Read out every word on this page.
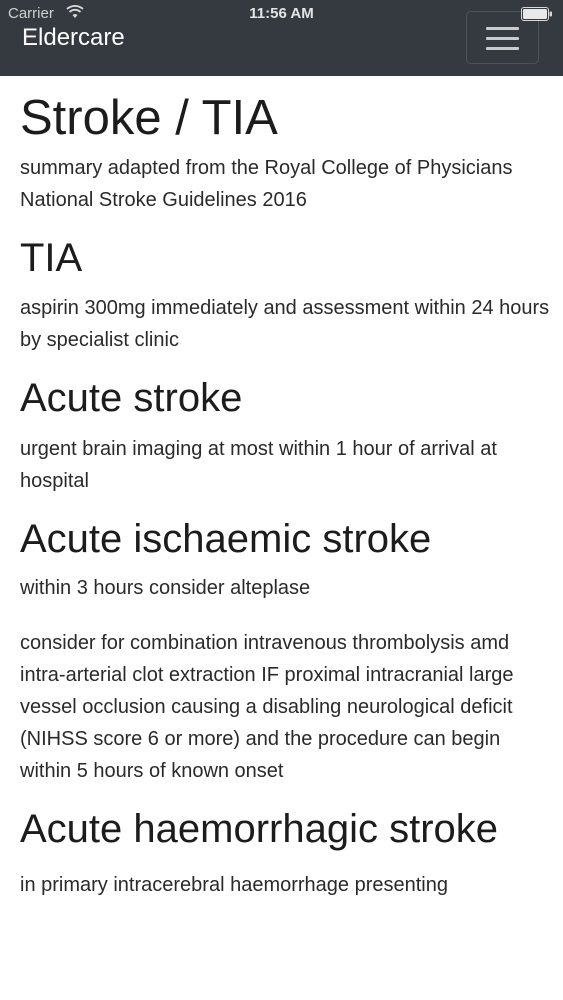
Eldercare
Carrier	11:56 AM
Stroke / TIA

summary adapted from the Royal College of Physicians National Stroke Guidelines 2016

TIA

aspirin 300mg immediately and assessment within 24 hours by specialist clinic

Acute stroke

urgent brain imaging at most within 1 hour of arrival at hospital

Acute ischaemic stroke

within 3 hours consider alteplase

consider for combination intravenous thrombolysis amd intra-arterial clot extraction IF proximal intracranial large vessel occlusion causing a disabling neurological deficit (NIHSS score 6 or more) and the procedure can begin within 5 hours of known onset

Acute haemorrhagic stroke

in primary intracerebral haemorrhage presenting
